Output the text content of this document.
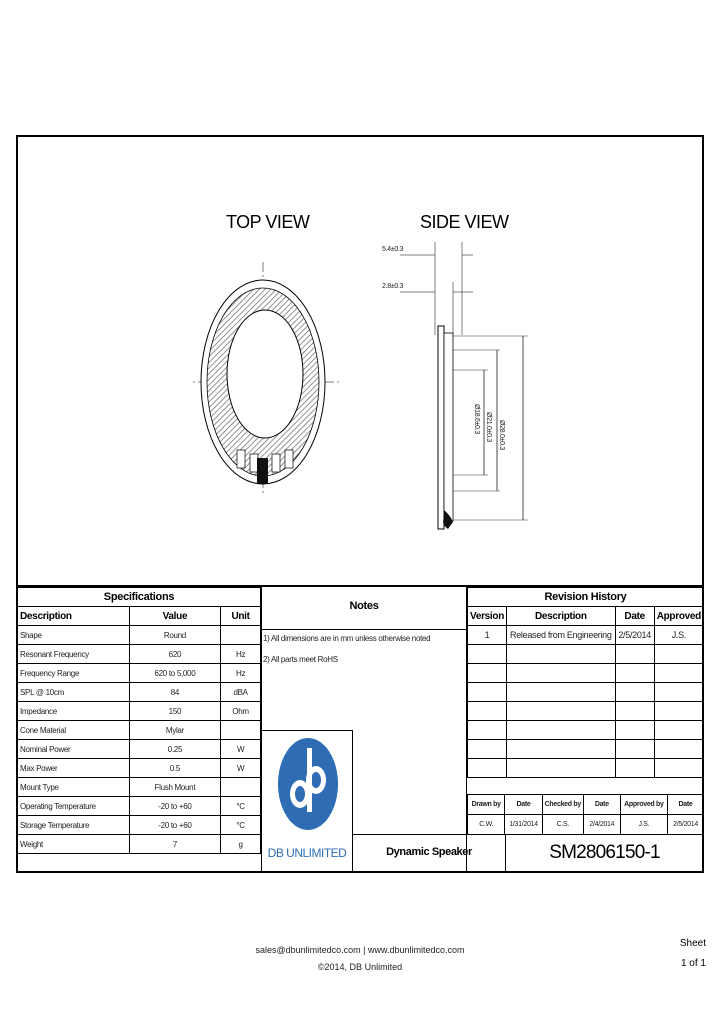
TOP VIEW	SIDE VIEW
5.4±0.3
2.8±0.3
Ø28.0±0.3
Ø21.0±0.3
Ø18.6±0.3
Specifications		
Description	Value	Unit
Shape	Round	
Resonant Frequency	620	Hz
Frequency Range	620 to 5,000	Hz
SPL @ 10cm	84	dBA
Impedance	150	Ohm
Cone Material	Mylar	
Nominal Power	0.25	W
Max Power	0.5	W
Mount Type	Flush Mount	
Operating Temperature	-20 to +60	°C
Storage Temperature	-20 to +60	°C
Weight	7	g
Notes
1) All dimensions are in mm unless otherwise noted
2) All parts meet RoHS
Revision History			
Version	Description	Date	Approved
1	Released from Engineering	2/5/2014	J.S.

Drawn by	Date	Checked by	Date	Approved by	Date
C.W.	1/31/2014	C.S.	2/4/2014	J.S.	2/5/2014
DB UNLIMITED	Dynamic Speaker	SM2806150-1
sales@dbunlimitedco.com | www.dbunlimitedco.com
©2014, DB Unlimited
Sheet
1 of 1
